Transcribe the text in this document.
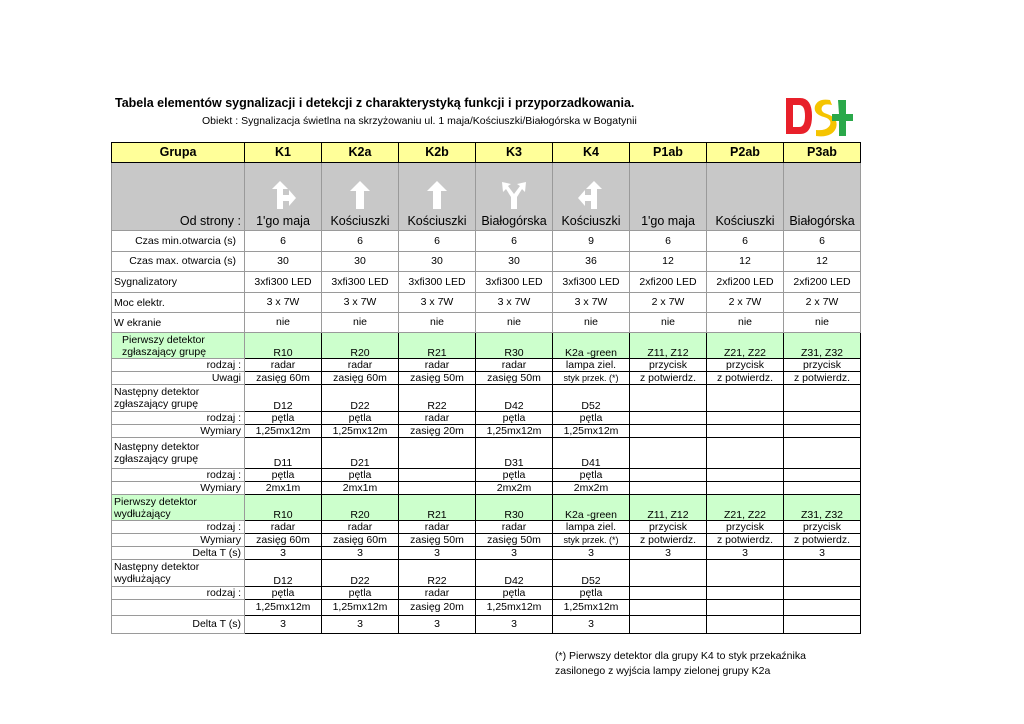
Tabela elementów sygnalizacji i detekcji z charakterystyką funkcji i przyporzadkowania.
Obiekt : Sygnalizacja świetlna na skrzyżowaniu ul. 1 maja/Kościuszki/Białogórska w Bogatynii
Grupa	K1	K2a	K2b	K3	K4	P1ab	P2ab	P3ab
Od strony :	1'go maja	Kościuszki	Kościuszki	Białogórska	Kościuszki	1'go maja	Kościuszki	Białogórska

Czas min.otwarcia (s)	6	6	6	6	9	6	6	6

Czas max. otwarcia (s)	30	30	30	30	36	12	12	12

Sygnalizatory	3xfi300 LED	3xfi300 LED	3xfi300 LED	3xfi300 LED	3xfi300 LED	2xfi200 LED	2xfi200 LED	2xfi200 LED

Moc elektr.	3 x 7W	3 x 7W	3 x 7W	3 x 7W	3 x 7W	2 x 7W	2 x 7W	2 x 7W

W ekranie	nie	nie	nie	nie	nie	nie	nie	nie

Pierwszy detektor
zgłaszający grupę	R10	R20	R21	R30	K2a -green	Z11, Z12	Z21, Z22	Z31, Z32

rodzaj :	radar	radar	radar	radar	lampa ziel.	przycisk	przycisk	przycisk

Uwagi	zasięg 60m	zasięg 60m	zasięg 50m	zasięg 50m	styk przek. (*)	z potwierdz.	z potwierdz.	z potwierdz.

Następny detektor
zgłaszający grupę	D12	D22	R22	D42	D52			

rodzaj :	pętla	pętla	radar	pętla	pętla			

Wymiary	1,25mx12m	1,25mx12m	zasięg 20m	1,25mx12m	1,25mx12m			

Następny detektor
zgłaszający grupę	D11	D21		D31	D41			

rodzaj :	pętla	pętla		pętla	pętla			

Wymiary	2mx1m	2mx1m		2mx2m	2mx2m			

Pierwszy detektor
wydłużający	R10	R20	R21	R30	K2a -green	Z11, Z12	Z21, Z22	Z31, Z32

rodzaj :	radar	radar	radar	radar	lampa ziel.	przycisk	przycisk	przycisk

Wymiary	zasięg 60m	zasięg 60m	zasięg 50m	zasięg 50m	styk przek. (*)	z potwierdz.	z potwierdz.	z potwierdz.

Delta T (s)	3	3	3	3	3	3	3	3

Następny detektor
wydłużający	D12	D22	R22	D42	D52			

rodzaj :	pętla	pętla	radar	pętla	pętla			

	1,25mx12m	1,25mx12m	zasięg 20m	1,25mx12m	1,25mx12m			

Delta T (s)	3	3	3	3	3			
(*) Pierwszy detektor dla grupy K4 to styk przekaźnika
zasilonego z wyjścia lampy zielonej grupy K2a
